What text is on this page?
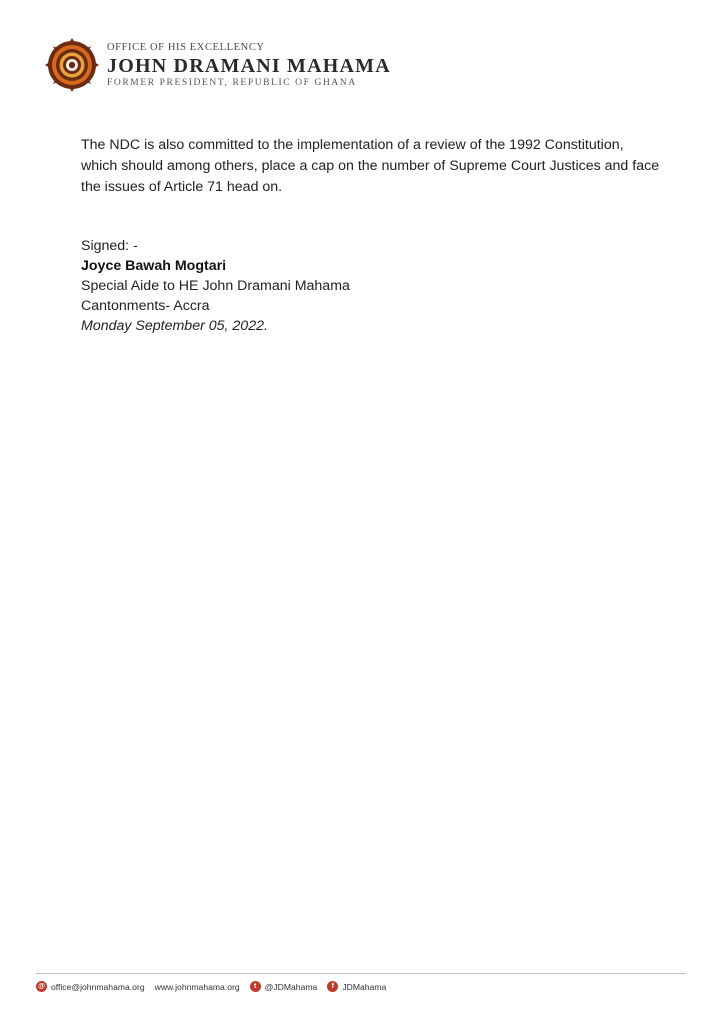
OFFICE OF HIS EXCELLENCY
JOHN DRAMANI MAHAMA
FORMER PRESIDENT, REPUBLIC OF GHANA
The NDC is also committed to the implementation of a review of the 1992 Constitution, which should among others, place a cap on the number of Supreme Court Justices and face the issues of Article 71 head on.
Signed: -
Joyce Bawah Mogtari
Special Aide to HE John Dramani Mahama
Cantonments- Accra
Monday September 05, 2022.
@ office@johnmahama.org www.johnmahama.org	t @JDMahama	f JDMahama
